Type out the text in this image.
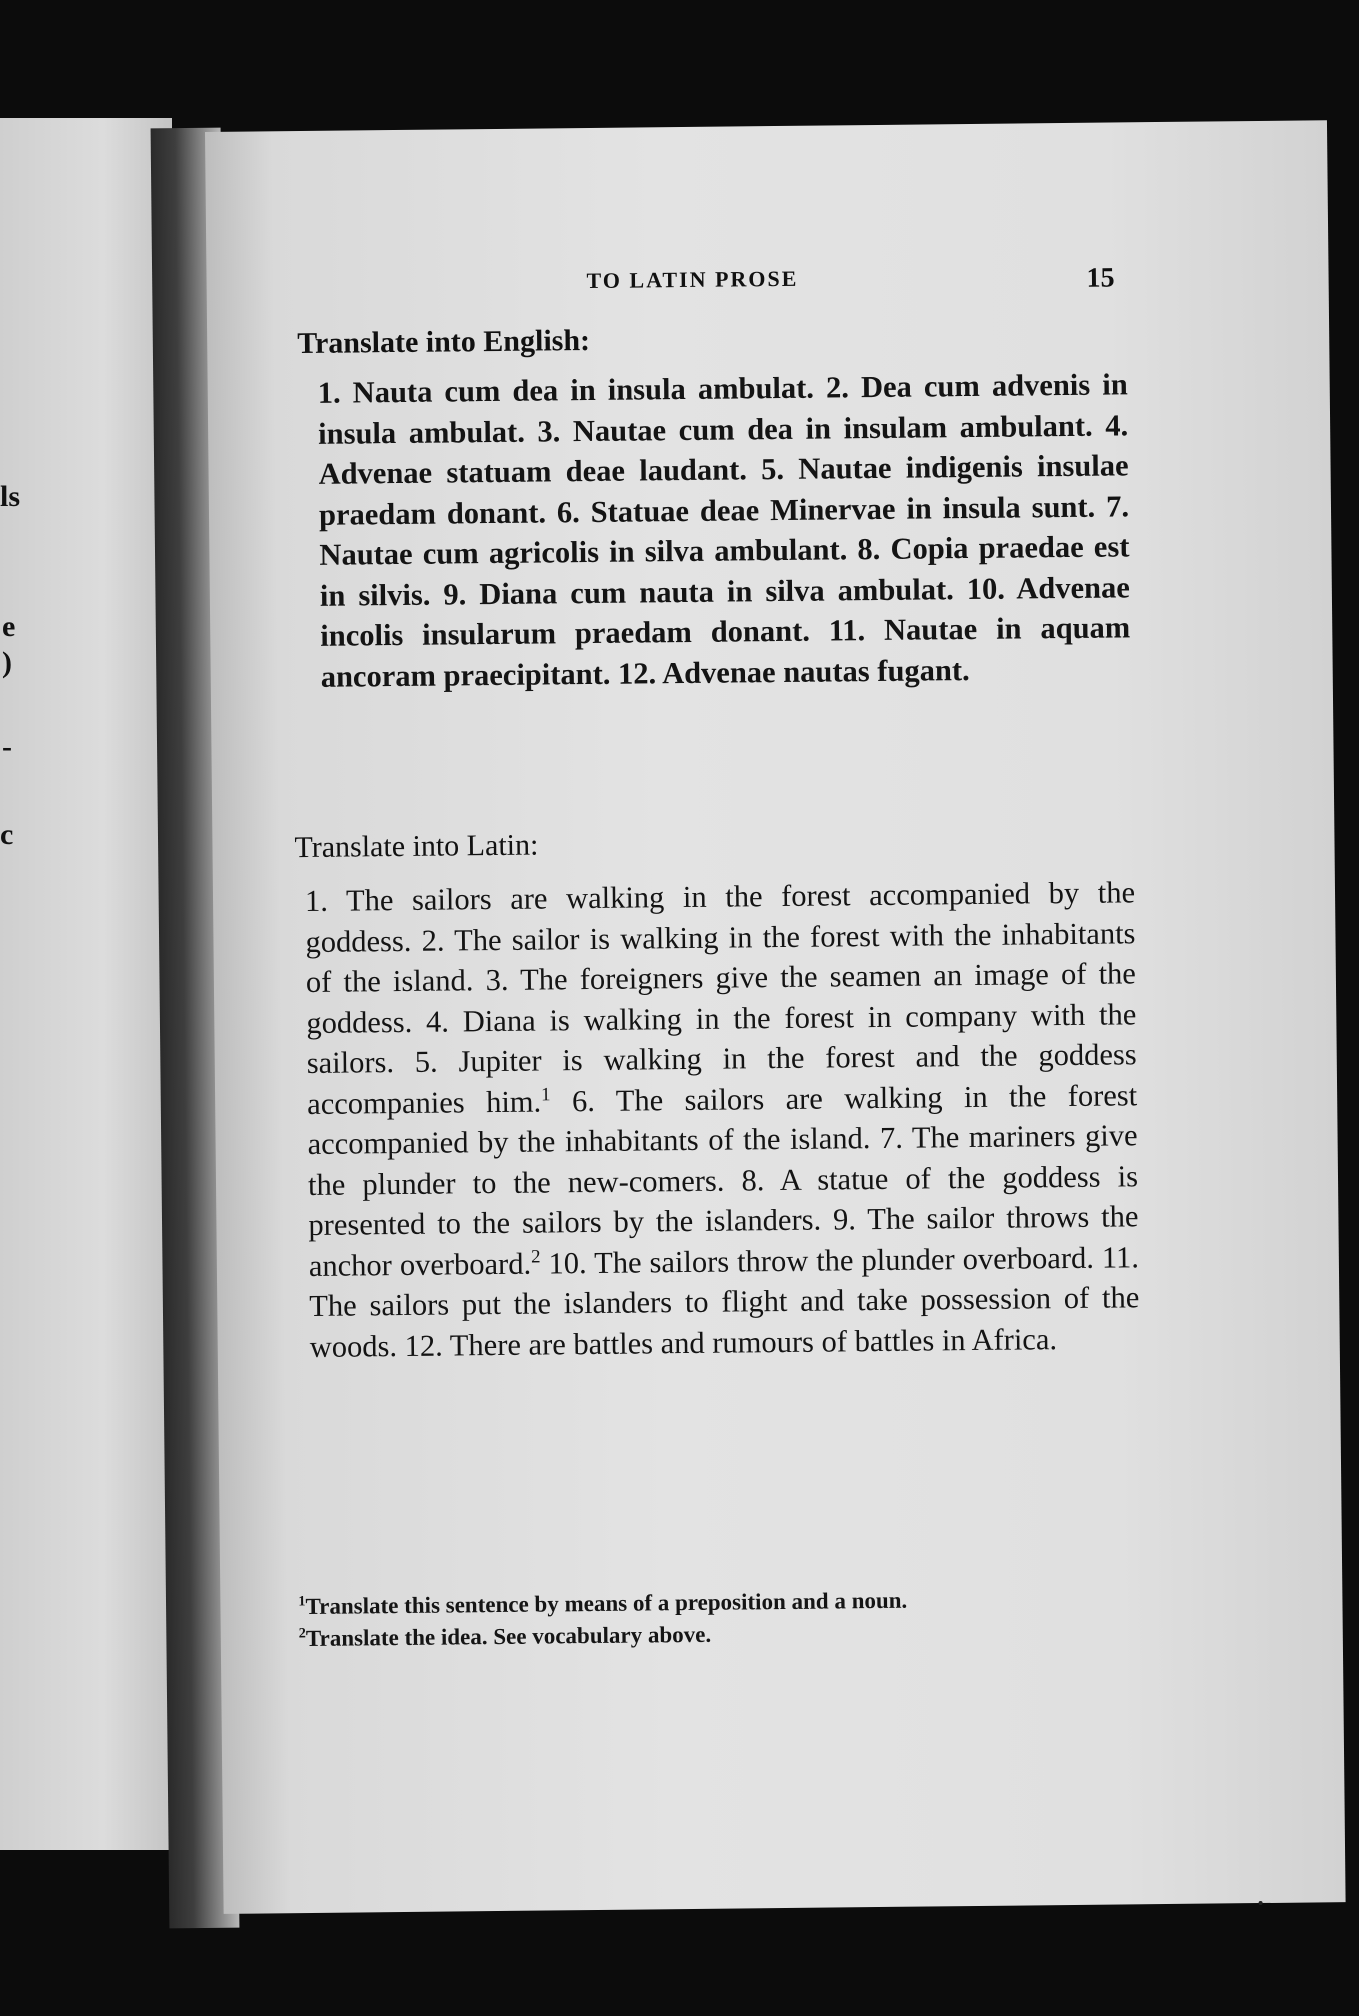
ls
e
)
-
c
TO LATIN PROSE	15
Translate into English:
1. Nauta cum dea in insula ambulat. 2. Dea cum advenis in insula ambulat. 3. Nautae cum dea in insulam ambulant. 4. Advenae statuam deae laudant. 5. Nautae indigenis insulae praedam donant. 6. Statuae deae Minervae in insula sunt. 7. Nautae cum agricolis in silva ambulant. 8. Copia praedae est in silvis. 9. Diana cum nauta in silva ambulat. 10. Advenae incolis insularum praedam donant. 11. Nautae in aquam ancoram praecipitant. 12. Advenae nautas fugant.
Translate into Latin:
1. The sailors are walking in the forest accompanied by the goddess. 2. The sailor is walking in the forest with the inhabitants of the island. 3. The foreigners give the seamen an image of the goddess. 4. Diana is walking in the forest in company with the sailors. 5. Jupiter is walking in the forest and the goddess accompanies him.$^1$ 6. The sailors are walking in the forest accompanied by the inhabitants of the island. 7. The mariners give the plunder to the new-comers. 8. A statue of the goddess is presented to the sailors by the islanders. 9. The sailor throws the anchor overboard.$^2$ 10. The sailors throw the plunder overboard. 11. The sailors put the islanders to flight and take possession of the woods. 12. There are battles and rumours of battles in Africa.
$^1$Translate this sentence by means of a preposition and a noun.
$^2$Translate the idea. See vocabulary above.
